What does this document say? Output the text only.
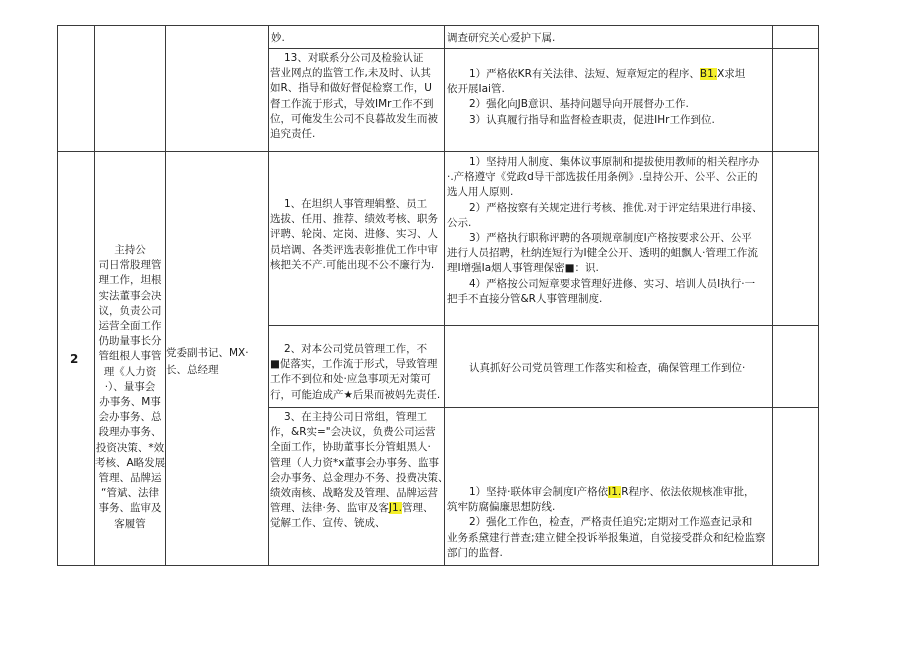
妙.	调查研究关心爱护下属.
13、对联系分公司及检验认证
营业网点的监管工作,未及时、认其
如R、指导和做好督促检察工作，U
督工作流于形式，导效IMr工作不到
位，可俺发生公司不良暮故发生而被
追究责任.
1）严格依KR有关法律、法短、短章短定的程序、B1.X求坦
依开展Iai管.
2）强化向JB意识、基持问题导向开展督办工作.
3）认真履行指导和监督检查职责，促进IHr工作到位.
2
主持公
司日常股理管
理工作，坦根
实法董事会决
议，负责公司
运营全面工作
仍助量事长分
管组根人事管
理《人力资
·）、量事会
办事务、M事
会办事务、总
段理办事务、
投资决策、*效
考核、A略发展
管理、品牌运
“管斌、法律
事务、监审及
客履管
党委副书记、MX·长、总经理
1、在坦织人事管理辑整、员工
选拔、任用、推荐、绩效考核、职务
评聘、轮岗、定岗、进修、实习、人
员培调、各类评选表彰推优工作中审
核把关不产.可能出现不公不廉行为.
1）坚持用人制度、集体议事原制和提拔使用教师的相关程序办
·.产格遵守《党政d导干部选拔任用条例》.皇持公开、公平、公正的
选人用人原则.
2）严格按察有关规定进行考核、推优.对于评定结果进行串接、
公示.
3）严格执行职称评聘的各项规章制度I产格按要求公开、公平
进行人员招聘，杜纳连短行为I健全公开、透明的蛆飘人·管理工作流
理I增强Ia烟人事管理保密■：识.
4）严格按公司短章要求管理好进修、实习、培训人员I执行·一
把手不直接分管&R人事管理制度.
2、对本公司党员管理工作，不
■促落实，工作流于形式，导致管理
工作不到位和处·应急事项无对策可
行，可能迨成产★后果而被妈先责任.
认真抓好公司党员管理工作落实和检查，确保管理工作到位·
3、在主持公司日常组，管理工
作，&R实="会决议，负费公司运营
全面工作，协助董事长分管蛆黑人·
管理（人力资*x董事会办事务、监事
会办事务、总金理办不务、投费决策、
绩效南核、战略发及管理、品牌运营
管理、法律·务、监审及客J1.管理、
觉解工作、宣传、铳成、
1）坚持·联体审会制度I产格依I1.R程序、依法依规核准审批，
筑牢防腐偏廉思想防线.
2）强化工作色，检查，严格责任追究;定期对工作巡查记录和
业务系黛建行普查;建立健全投诉举报集道，自觉接受群众和纪检监察
部门的监督.
